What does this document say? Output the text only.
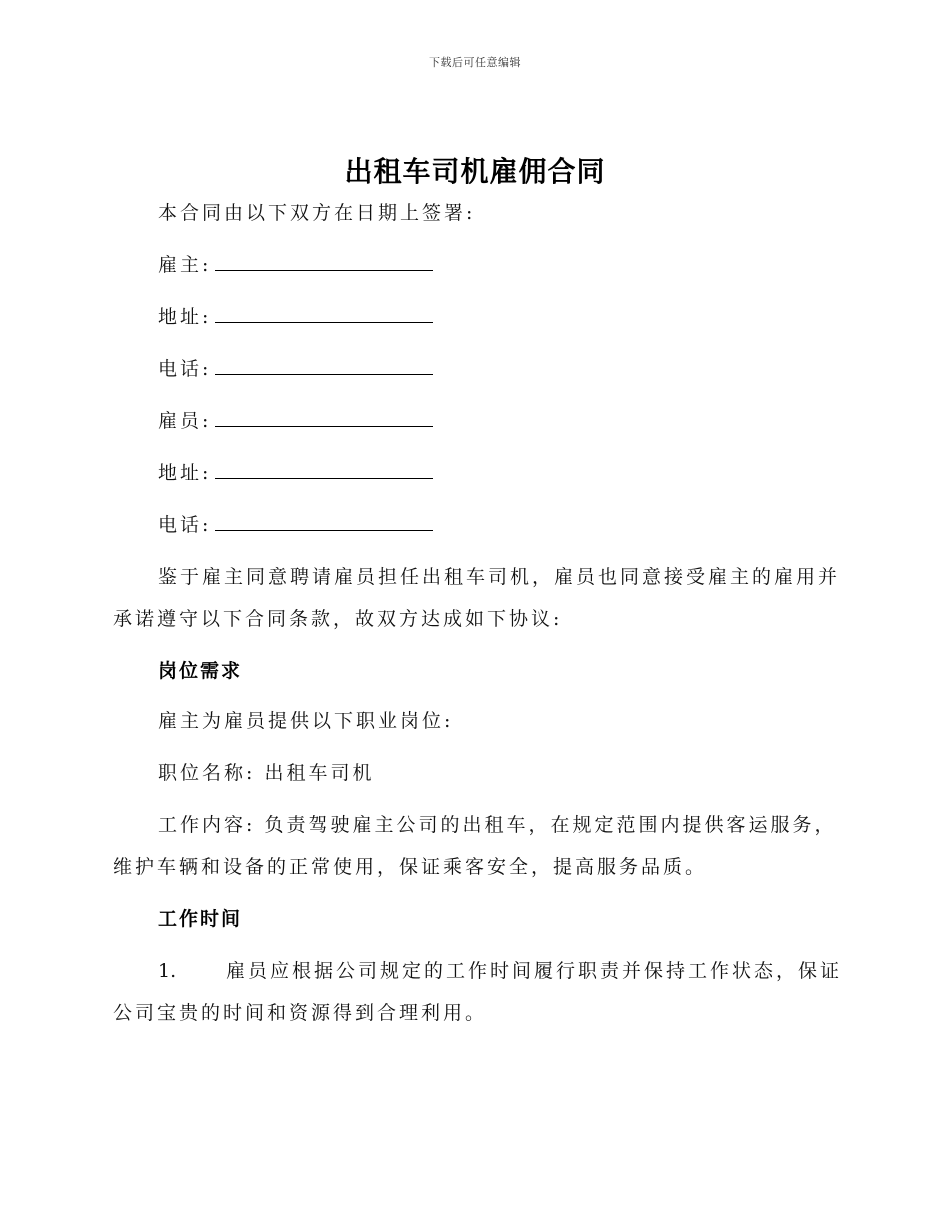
下载后可任意编辑
出租车司机雇佣合同
本合同由以下双方在日期上签署:
雇主:
地址:
电话:
雇员:
地址:
电话:
鉴于雇主同意聘请雇员担任出租车司机，雇员也同意接受雇主的雇用并
承诺遵守以下合同条款，故双方达成如下协议:
岗位需求
雇主为雇员提供以下职业岗位:
职位名称: 出租车司机
工作内容: 负责驾驶雇主公司的出租车，在规定范围内提供客运服务，
维护车辆和设备的正常使用，保证乘客安全，提高服务品质。
工作时间
1.	雇员应根据公司规定的工作时间履行职责并保持工作状态，保证
公司宝贵的时间和资源得到合理利用。
